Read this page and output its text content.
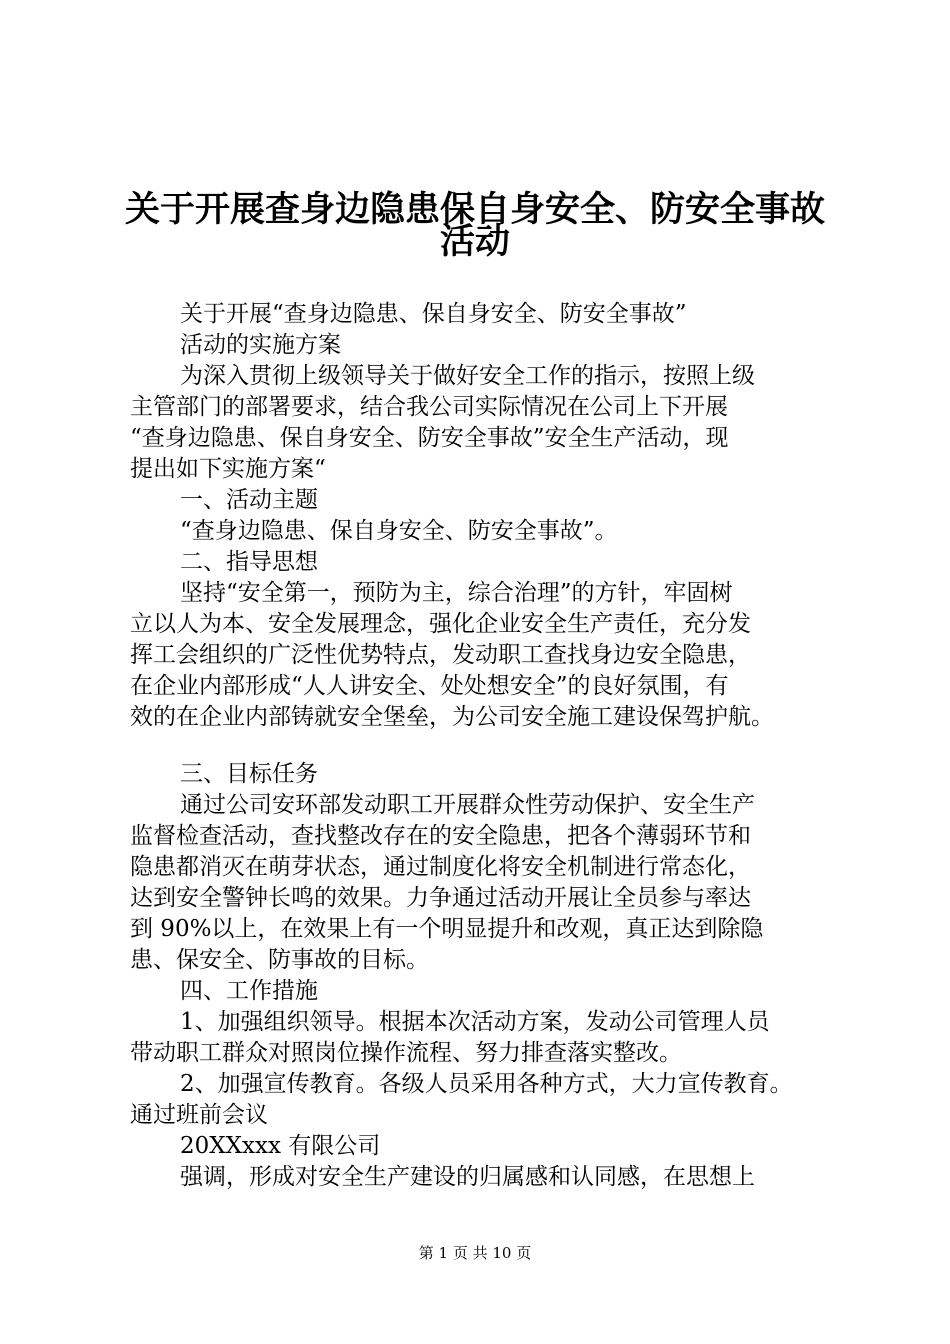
关于开展查身边隐患保自身安全、防安全事故
活动
关于开展“查身边隐患、保自身安全、防安全事故”
活动的实施方案
为深入贯彻上级领导关于做好安全工作的指示，按照上级
主管部门的部署要求，结合我公司实际情况在公司上下开展
“查身边隐患、保自身安全、防安全事故”安全生产活动，现
提出如下实施方案“
一、活动主题
“查身边隐患、保自身安全、防安全事故”。
二、指导思想
坚持“安全第一，预防为主，综合治理”的方针，牢固树
立以人为本、安全发展理念，强化企业安全生产责任，充分发
挥工会组织的广泛性优势特点，发动职工查找身边安全隐患，
在企业内部形成“人人讲安全、处处想安全”的良好氛围，有
效的在企业内部铸就安全堡垒，为公司安全施工建设保驾护航。
三、目标任务
通过公司安环部发动职工开展群众性劳动保护、安全生产
监督检查活动，查找整改存在的安全隐患，把各个薄弱环节和
隐患都消灭在萌芽状态，通过制度化将安全机制进行常态化，
达到安全警钟长鸣的效果。力争通过活动开展让全员参与率达
到 90%以上，在效果上有一个明显提升和改观，真正达到除隐
患、保安全、防事故的目标。
四、工作措施
1、加强组织领导。根据本次活动方案，发动公司管理人员
带动职工群众对照岗位操作流程、努力排查落实整改。
2、加强宣传教育。各级人员采用各种方式，大力宣传教育。
通过班前会议
20XXxxx 有限公司
强调，形成对安全生产建设的归属感和认同感，在思想上
第 1 页 共 10 页
